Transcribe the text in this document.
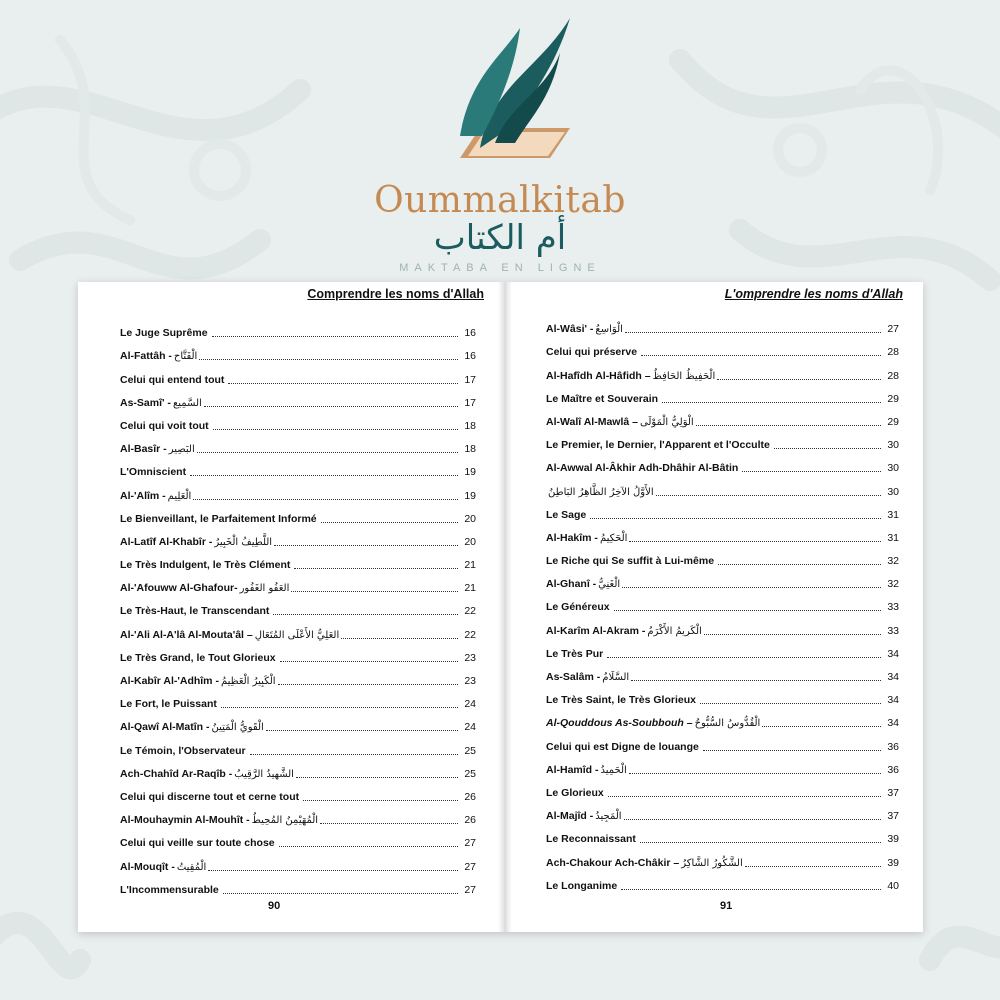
Oummalkitab
أم الكتاب
MAKTABA EN LIGNE
Comprendre les noms d'Allah
Le Juge Suprême	16
Al-Fattâh - الْفَتَّاح	16
Celui qui entend tout	17
As-Samî' - السَّمِيع	17
Celui qui voit tout	18
Al-Basîr - البَصِير	18
L'Omniscient	19
Al-'Alîm - الْعَلِيم	19
Le Bienveillant, le Parfaitement Informé	20
Al-Latîf Al-Khabîr - اللَّطِيفُ الْخَبِيرُ	20
Le Très Indulgent, le Très Clément	21
Al-'Afouww Al-Ghafour- العَفُو الغَفُور	21
Le Très-Haut, le Transcendant	22
Al-'Ali Al-A'lâ Al-Mouta'âl – العَلِيُّ الأَعْلَى المُتَعَالِ	22
Le Très Grand, le Tout Glorieux	23
Al-Kabîr Al-'Adhîm - الْكَبِيرُ الْعَظِيمُ	23
Le Fort, le Puissant	24
Al-Qawî Al-Matîn - الْقَوِيُّ الْمَتِينُ	24
Le Témoin, l'Observateur	25
Ach-Chahîd Ar-Raqîb - الشَّهِيدُ الرَّقِيبُ	25
Celui qui discerne tout et cerne tout	26
Al-Mouhaymin Al-Mouhît - الْمُهَيْمِنُ المُحِيطُ	26
Celui qui veille sur toute chose	27
Al-Mouqît - الْمُقِيتُ	27
L'Incommensurable	27
90
L'omprendre les noms d'Allah
Al-Wâsi' - الْوَاسِعُ	27
Celui qui préserve	28
Al-Hafîdh Al-Hâfidh – الْحَفِيظُ الحَافِظُ	28
Le Maître et Souverain	29
Al-Walî Al-Mawlâ – الْوَلِيُّ الْمَوْلَى	29
Le Premier, le Dernier, l'Apparent et l'Occulte	30
Al-Awwal Al-Âkhir Adh-Dhâhir Al-Bâtin	30
الأَوَّلُ الآخِرُ الظَّاهِرُ البَاطِنُ	30
Le Sage	31
Al-Hakîm - الْحَكِيمُ	31
Le Riche qui Se suffit à Lui-même	32
Al-Ghanî - الْغَنِيُّ	32
Le Généreux	33
Al-Karîm Al-Akram - الْكَرِيمُ الأَكْرَمُ	33
Le Très Pur	34
As-Salâm - السَّلَامُ	34
Le Très Saint, le Très Glorieux	34
Al-Qouddous As-Soubbouh – الْقُدُّوسُ السُّبُّوحُ	34
Celui qui est Digne de louange	36
Al-Hamîd - الْحَمِيدُ	36
Le Glorieux	37
Al-Majîd - الْمَجِيدُ	37
Le Reconnaissant	39
Ach-Chakour Ach-Châkir – الشَّكُورُ الشَّاكِرُ	39
Le Longanime	40
91
